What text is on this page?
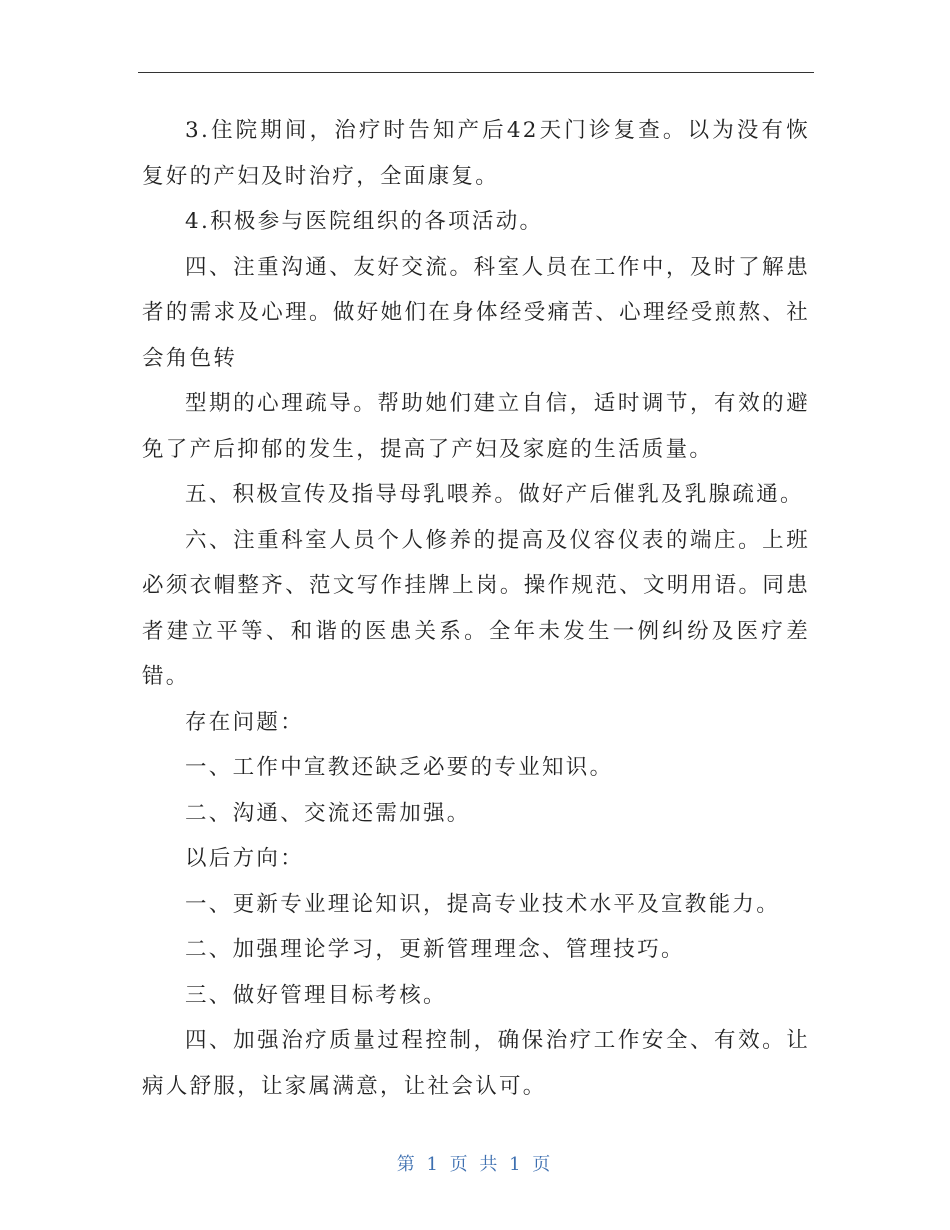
3.住院期间，治疗时告知产后42天门诊复查。以为没有恢复好的产妇及时治疗，全面康复。

4.积极参与医院组织的各项活动。

四、注重沟通、友好交流。科室人员在工作中，及时了解患者的需求及心理。做好她们在身体经受痛苦、心理经受煎熬、社会角色转

型期的心理疏导。帮助她们建立自信，适时调节，有效的避免了产后抑郁的发生，提高了产妇及家庭的生活质量。

五、积极宣传及指导母乳喂养。做好产后催乳及乳腺疏通。

六、注重科室人员个人修养的提高及仪容仪表的端庄。上班必须衣帽整齐、范文写作挂牌上岗。操作规范、文明用语。同患者建立平等、和谐的医患关系。全年未发生一例纠纷及医疗差错。

存在问题：

一、工作中宣教还缺乏必要的专业知识。

二、沟通、交流还需加强。

以后方向：

一、更新专业理论知识，提高专业技术水平及宣教能力。

二、加强理论学习，更新管理理念、管理技巧。

三、做好管理目标考核。

四、加强治疗质量过程控制，确保治疗工作安全、有效。让病人舒服，让家属满意，让社会认可。

第 1 页 共 1 页
